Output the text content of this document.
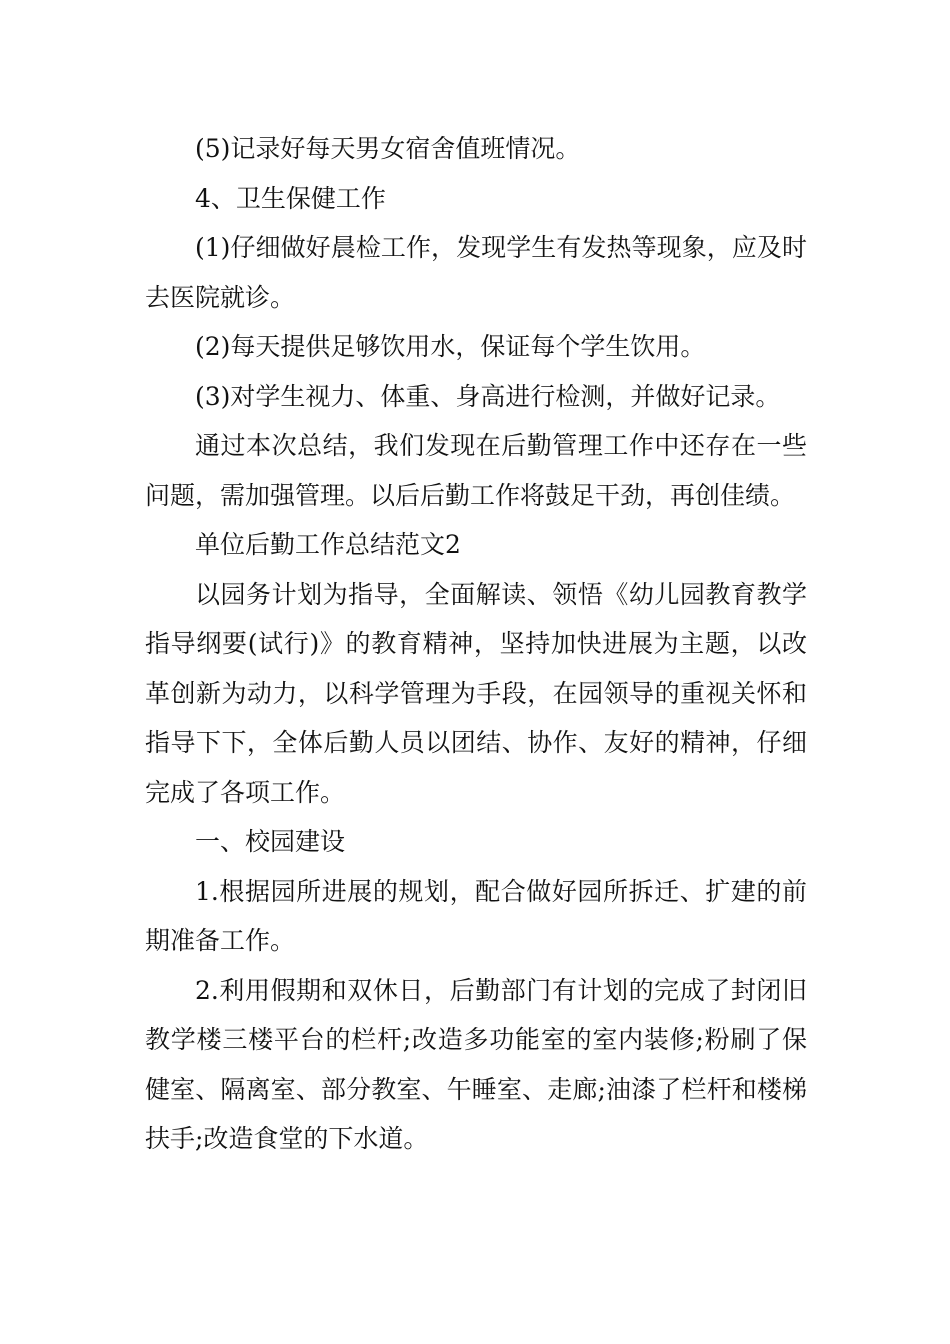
(5)记录好每天男女宿舍值班情况。

4、卫生保健工作

(1)仔细做好晨检工作，发现学生有发热等现象，应及时去医院就诊。

(2)每天提供足够饮用水，保证每个学生饮用。

(3)对学生视力、体重、身高进行检测，并做好记录。

通过本次总结，我们发现在后勤管理工作中还存在一些问题，需加强管理。以后后勤工作将鼓足干劲，再创佳绩。

单位后勤工作总结范文2

以园务计划为指导，全面解读、领悟《幼儿园教育教学指导纲要(试行)》的教育精神，坚持加快进展为主题，以改革创新为动力，以科学管理为手段，在园领导的重视关怀和指导下下，全体后勤人员以团结、协作、友好的精神，仔细完成了各项工作。

一、校园建设

1.根据园所进展的规划，配合做好园所拆迁、扩建的前期准备工作。

2.利用假期和双休日，后勤部门有计划的完成了封闭旧教学楼三楼平台的栏杆;改造多功能室的室内装修;粉刷了保健室、隔离室、部分教室、午睡室、走廊;油漆了栏杆和楼梯扶手;改造食堂的下水道。
